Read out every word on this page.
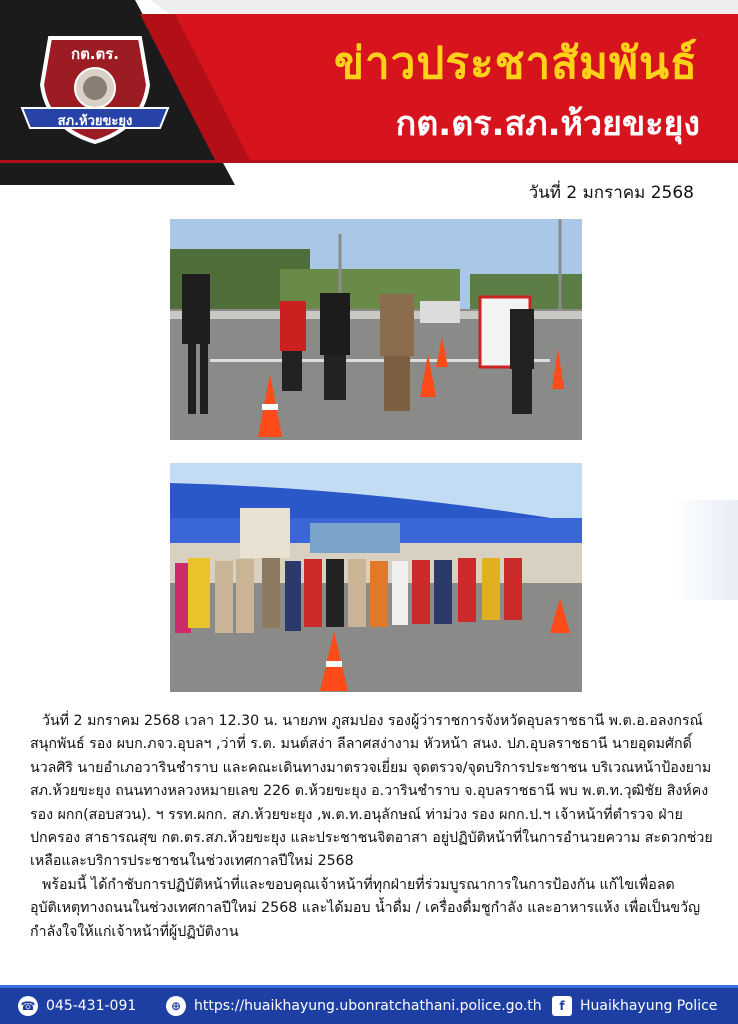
กต.ตร.
สภ.ห้วยขะยุง
ข่าวประชาสัมพันธ์
กต.ตร.สภ.ห้วยขะยุง
วันที่ 2 มกราคม 2568

วันที่ 2 มกราคม 2568 เวลา 12.30 น. นายภพ ภูสมปอง รองผู้ว่าราชการจังหวัดอุบลราชธานี พ.ต.อ.อลงกรณ์ สนุกพันธ์ รอง ผบก.ภจว.อุบลฯ ,ว่าที่ ร.ต. มนต์สง่า ลีลาศสง่างาม หัวหน้า สนง. ปภ.อุบลราชธานี นายอุดมศักดิ์ นวลศิริ นายอำเภอวารินชำราบ และคณะเดินทางมาตรวจเยี่ยม จุดตรวจ/จุดบริการประชาชน บริเวณหน้าป้องยาม สภ.ห้วยขะยุง ถนนทางหลวงหมายเลข 226 ต.ห้วยขะยุง อ.วารินชำราบ จ.อุบลราชธานี พบ พ.ต.ท.วุฒิชัย สิงห์คง รอง ผกก(สอบสวน). ฯ รรท.ผกก. สภ.ห้วยขะยุง ,พ.ต.ท.อนุลักษณ์ ท่าม่วง รอง ผกก.ป.ฯ เจ้าหน้าที่ตำรวจ ฝ่ายปกครอง สาธารณสุข กต.ตร.สภ.ห้วยขะยุง และประชาชนจิตอาสา อยู่ปฏิบัติหน้าที่ในการอำนวยความ สะดวกช่วยเหลือและบริการประชาชนในช่วงเทศกาลปีใหม่ 2568

พร้อมนี้ ได้กำชับการปฏิบัติหน้าที่และขอบคุณเจ้าหน้าที่ทุกฝ่ายที่ร่วมบูรณาการในการป้องกัน แก้ไขเพื่อลดอุบัติเหตุทางถนนในช่วงเทศกาลปีใหม่ 2568 และได้มอบ น้ำดื่ม / เครื่องดื่มชูกำลัง และอาหารแห้ง เพื่อเป็นขวัญกำลังใจให้แก่เจ้าหน้าที่ผู้ปฏิบัติงาน

☎ 045-431-091	⊕ https://huaikhayung.ubonratchathani.police.go.th	f	Huaikhayung Police
